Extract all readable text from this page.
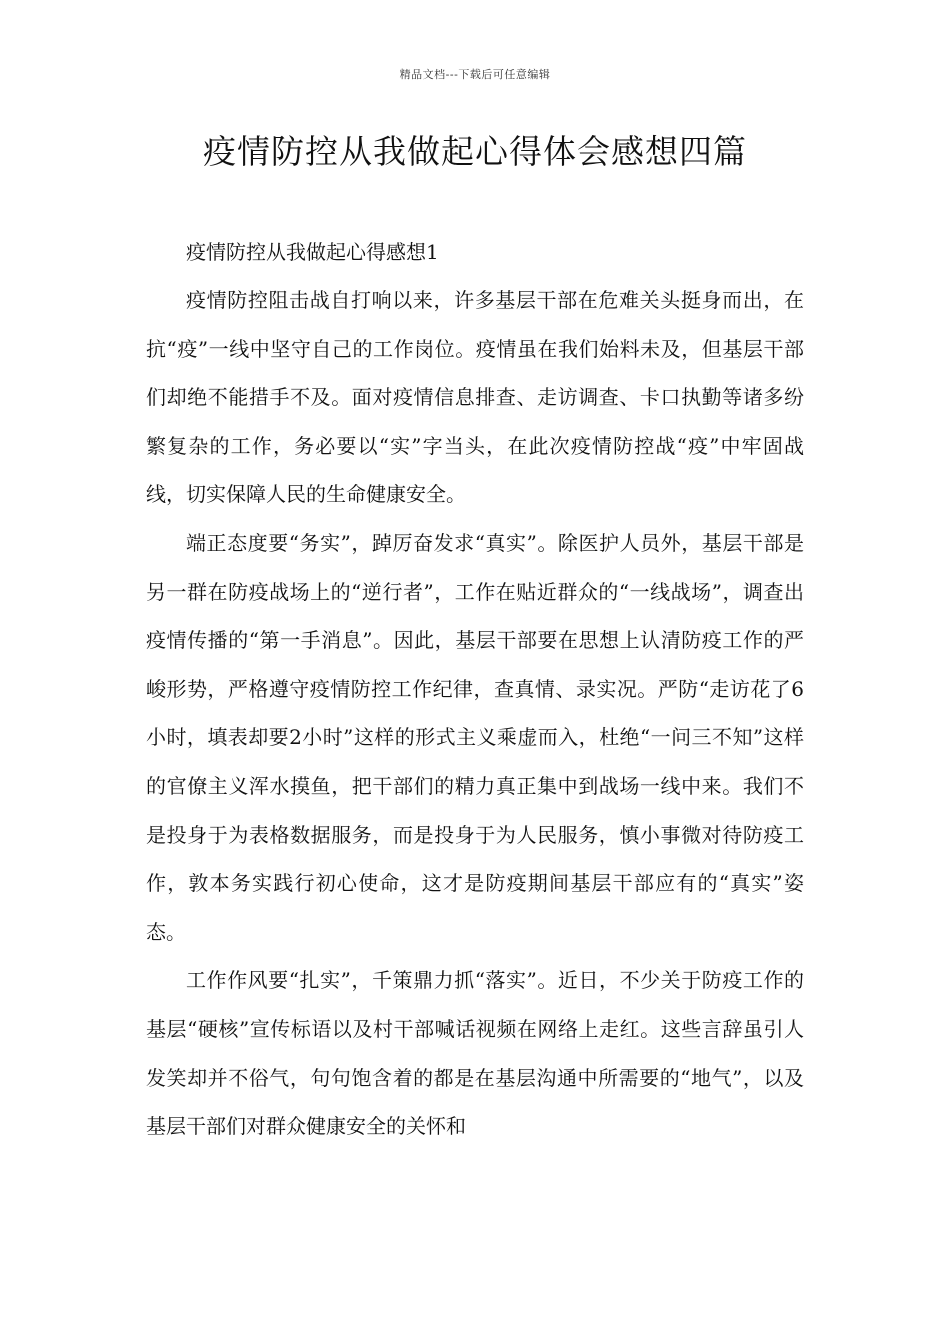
精品文档---下载后可任意编辑
疫情防控从我做起心得体会感想四篇

疫情防控从我做起心得感想1

疫情防控阻击战自打响以来，许多基层干部在危难关头挺身而出，在抗“疫”一线中坚守自己的工作岗位。疫情虽在我们始料未及，但基层干部们却绝不能措手不及。面对疫情信息排查、走访调查、卡口执勤等诸多纷繁复杂的工作，务必要以“实”字当头，在此次疫情防控战“疫”中牢固战线，切实保障人民的生命健康安全。

端正态度要“务实”，踔厉奋发求“真实”。除医护人员外，基层干部是另一群在防疫战场上的“逆行者”，工作在贴近群众的“一线战场”，调查出疫情传播的“第一手消息”。因此，基层干部要在思想上认清防疫工作的严峻形势，严格遵守疫情防控工作纪律，查真情、录实况。严防“走访花了6小时，填表却要2小时”这样的形式主义乘虚而入，杜绝“一问三不知”这样的官僚主义浑水摸鱼，把干部们的精力真正集中到战场一线中来。我们不是投身于为表格数据服务，而是投身于为人民服务，慎小事微对待防疫工作，敦本务实践行初心使命，这才是防疫期间基层干部应有的“真实”姿态。

工作作风要“扎实”，千策鼎力抓“落实”。近日，不少关于防疫工作的基层“硬核”宣传标语以及村干部喊话视频在网络上走红。这些言辞虽引人发笑却并不俗气，句句饱含着的都是在基层沟通中所需要的“地气”，以及基层干部们对群众健康安全的关怀和
